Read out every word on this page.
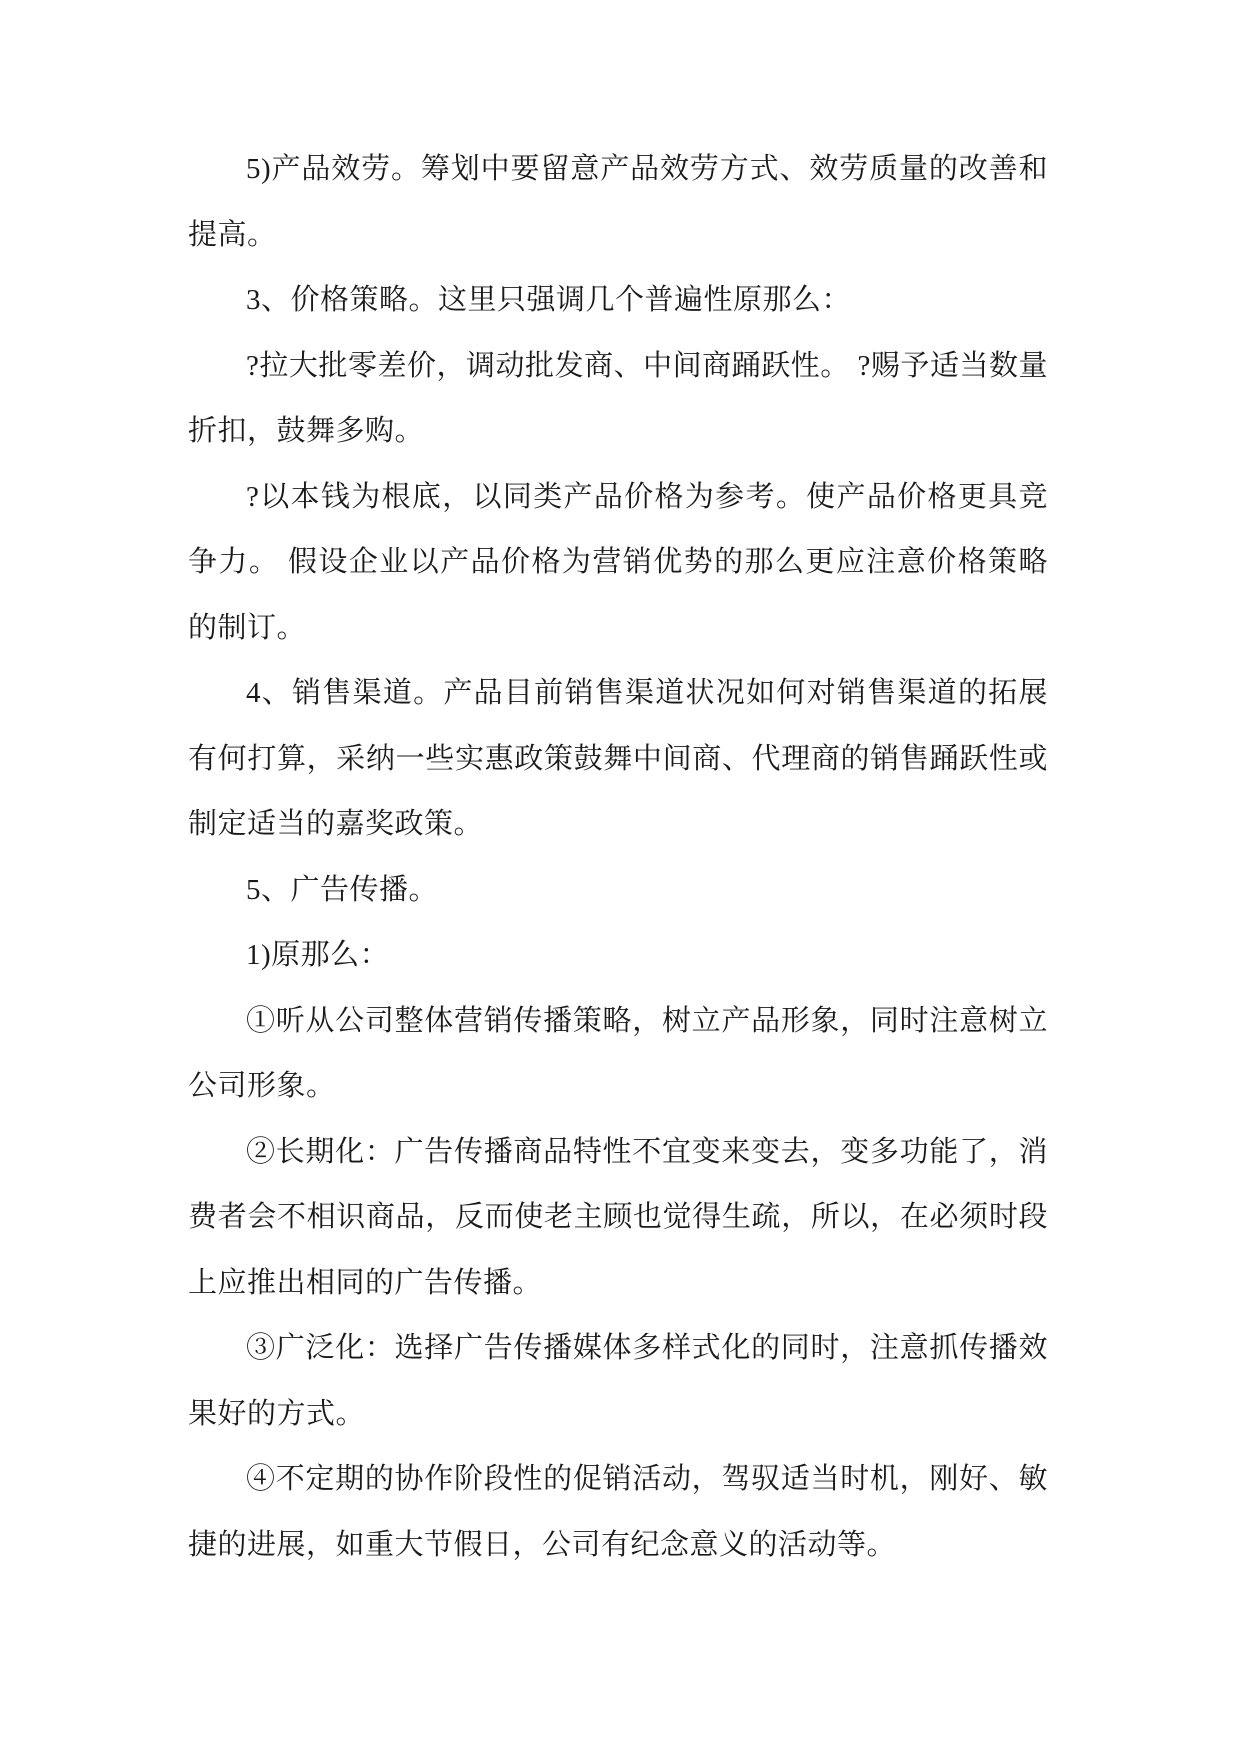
5)产品效劳。筹划中要留意产品效劳方式、效劳质量的改善和提高。

3、价格策略。这里只强调几个普遍性原那么：

?拉大批零差价，调动批发商、中间商踊跃性。 ?赐予适当数量折扣，鼓舞多购。

?以本钱为根底，以同类产品价格为参考。使产品价格更具竞争力。 假设企业以产品价格为营销优势的那么更应注意价格策略的制订。

4、销售渠道。产品目前销售渠道状况如何对销售渠道的拓展有何打算，采纳一些实惠政策鼓舞中间商、代理商的销售踊跃性或制定适当的嘉奖政策。

5、广告传播。

1)原那么：

①听从公司整体营销传播策略，树立产品形象，同时注意树立公司形象。

②长期化：广告传播商品特性不宜变来变去，变多功能了，消费者会不相识商品，反而使老主顾也觉得生疏，所以，在必须时段上应推出相同的广告传播。

③广泛化：选择广告传播媒体多样式化的同时，注意抓传播效果好的方式。

④不定期的协作阶段性的促销活动，驾驭适当时机，刚好、敏捷的进展，如重大节假日，公司有纪念意义的活动等。
